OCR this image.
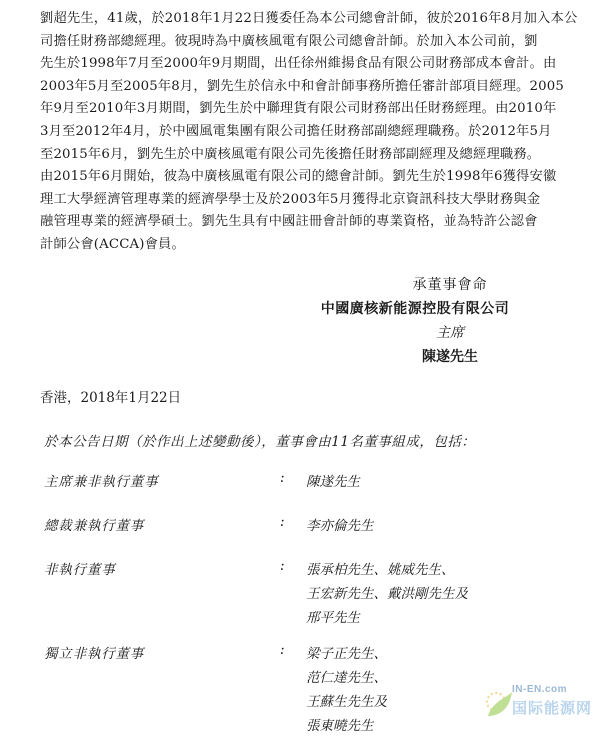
劉超先生，41歲，於2018年1月22日獲委任為本公司總會計師，彼於2016年8月加入本公
司擔任財務部總經理。彼現時為中廣核風電有限公司總會計師。於加入本公司前，劉
先生於1998年7月至2000年9月期間，出任徐州維揚食品有限公司財務部成本會計。由
2003年5月至2005年8月，劉先生於信永中和會計師事務所擔任審計部項目經理。2005
年9月至2010年3月期間，劉先生於中聯理貨有限公司財務部出任財務經理。由2010年
3月至2012年4月，於中國風電集團有限公司擔任財務部副總經理職務。於2012年5月
至2015年6月，劉先生於中廣核風電有限公司先後擔任財務部副經理及總經理職務。
由2015年6月開始，彼為中廣核風電有限公司的總會計師。劉先生於1998年6獲得安徽
理工大學經濟管理專業的經濟學學士及於2003年5月獲得北京資訊科技大學財務與金
融管理專業的經濟學碩士。劉先生具有中國註冊會計師的專業資格，並為特許公認會
計師公會(ACCA)會員。
承董事會命
中國廣核新能源控股有限公司
主席
陳遂先生
香港，2018年1月22日
於本公告日期（於作出上述變動後），董事會由11名董事組成，包括：
主席兼非執行董事	: 陳遂先生
總裁兼執行董事	: 李亦倫先生
非執行董事	: 張承柏先生、姚威先生、
王宏新先生、戴洪剛先生及
邢平先生
獨立非執行董事	: 梁子正先生、
范仁達先生、
王蘇生先生及
張東曉先生
IN-EN.com
国际能源网
